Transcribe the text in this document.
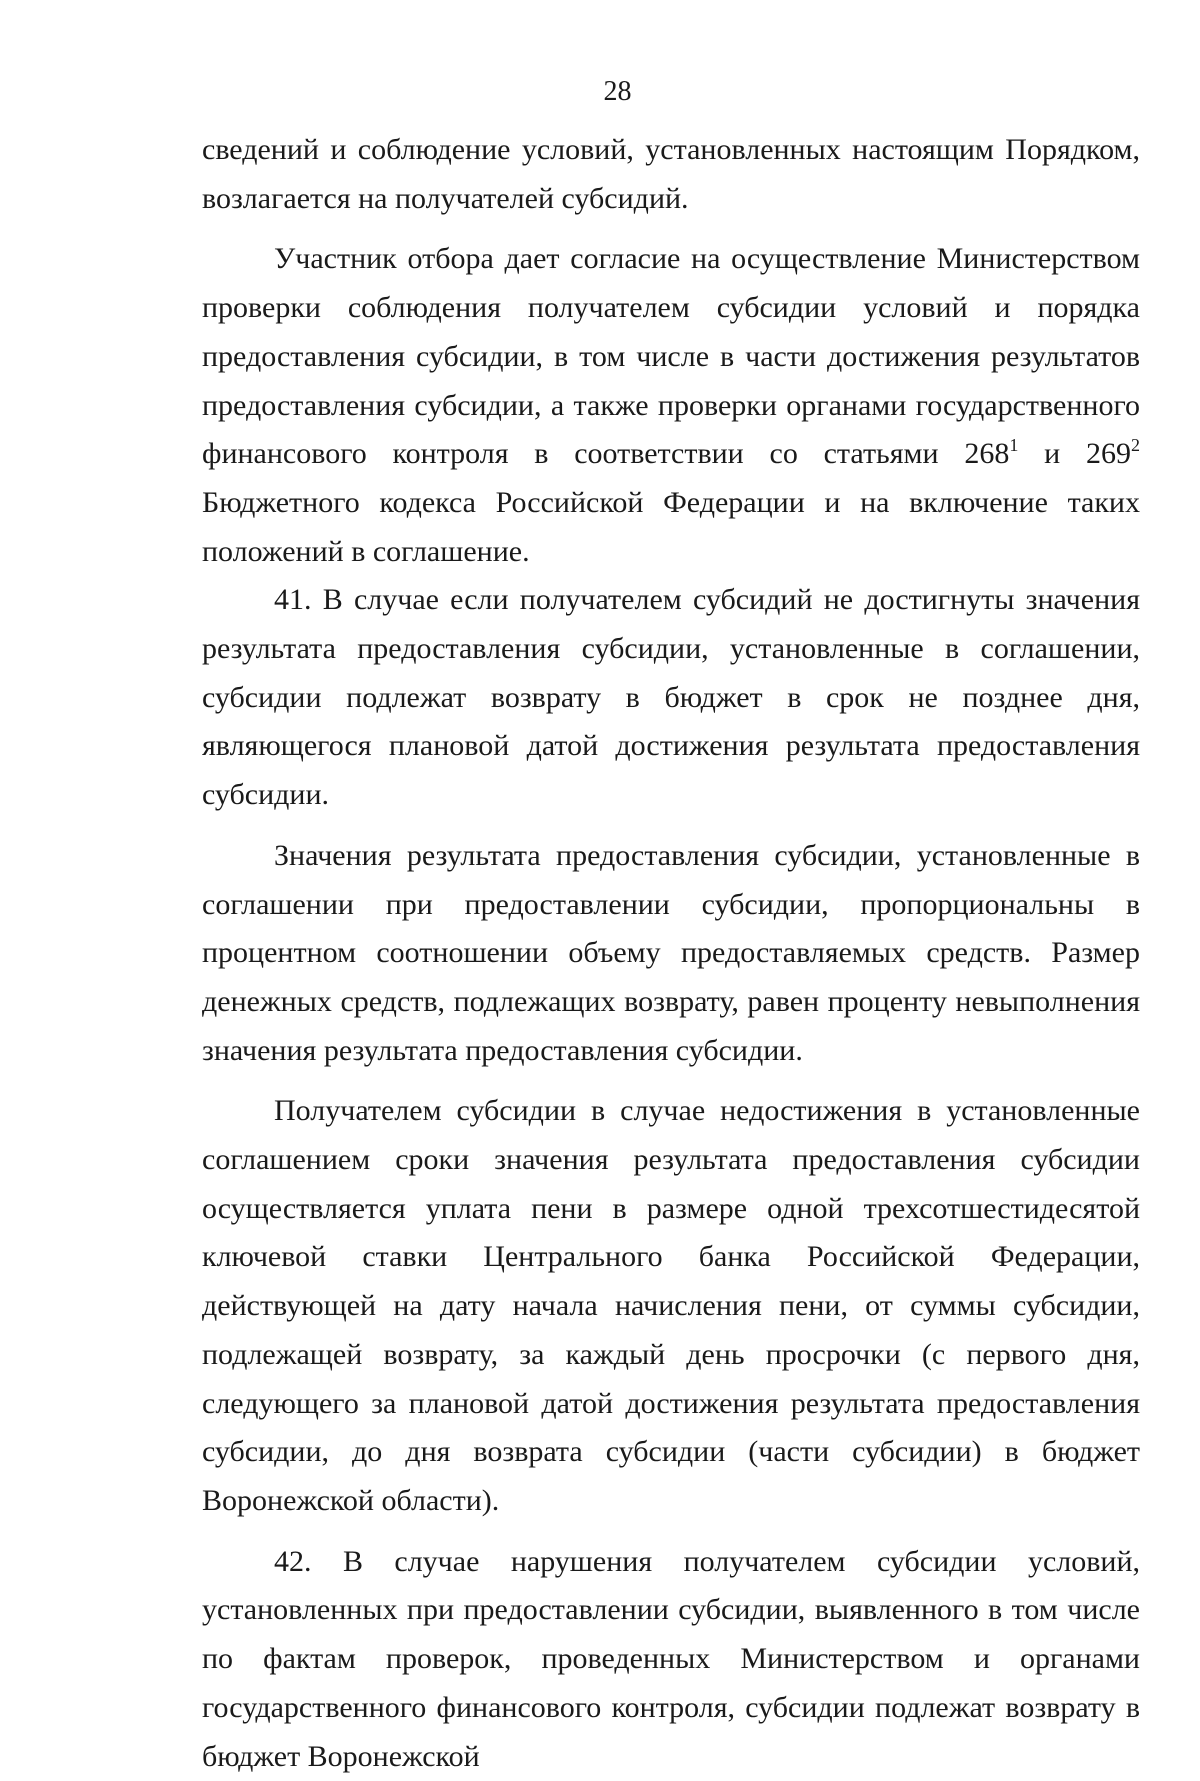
28

сведений и соблюдение условий, установленных настоящим Порядком, возлагается на получателей субсидий.

Участник отбора дает согласие на осуществление Министерством проверки соблюдения получателем субсидии условий и порядка предоставления субсидии, в том числе в части достижения результатов предоставления субсидии, а также проверки органами государственного финансового контроля в соответствии со статьями $268^1$ и $269^2$ Бюджетного кодекса Российской Федерации и на включение таких положений в соглашение.

41. В случае если получателем субсидий не достигнуты значения результата предоставления субсидии, установленные в соглашении, субсидии подлежат возврату в бюджет в срок не позднее дня, являющегося плановой датой достижения результата предоставления субсидии.

Значения результата предоставления субсидии, установленные в соглашении при предоставлении субсидии, пропорциональны в процентном соотношении объему предоставляемых средств. Размер денежных средств, подлежащих возврату, равен проценту невыполнения значения результата предоставления субсидии.

Получателем субсидии в случае недостижения в установленные соглашением сроки значения результата предоставления субсидии осуществляется уплата пени в размере одной трехсотшестидесятой ключевой ставки Центрального банка Российской Федерации, действующей на дату начала начисления пени, от суммы субсидии, подлежащей возврату, за каждый день просрочки (с первого дня, следующего за плановой датой достижения результата предоставления субсидии, до дня возврата субсидии (части субсидии) в бюджет Воронежской области).

42. В случае нарушения получателем субсидии условий, установленных при предоставлении субсидии, выявленного в том числе по фактам проверок, проведенных Министерством и органами государственного финансового контроля, субсидии подлежат возврату в бюджет Воронежской
